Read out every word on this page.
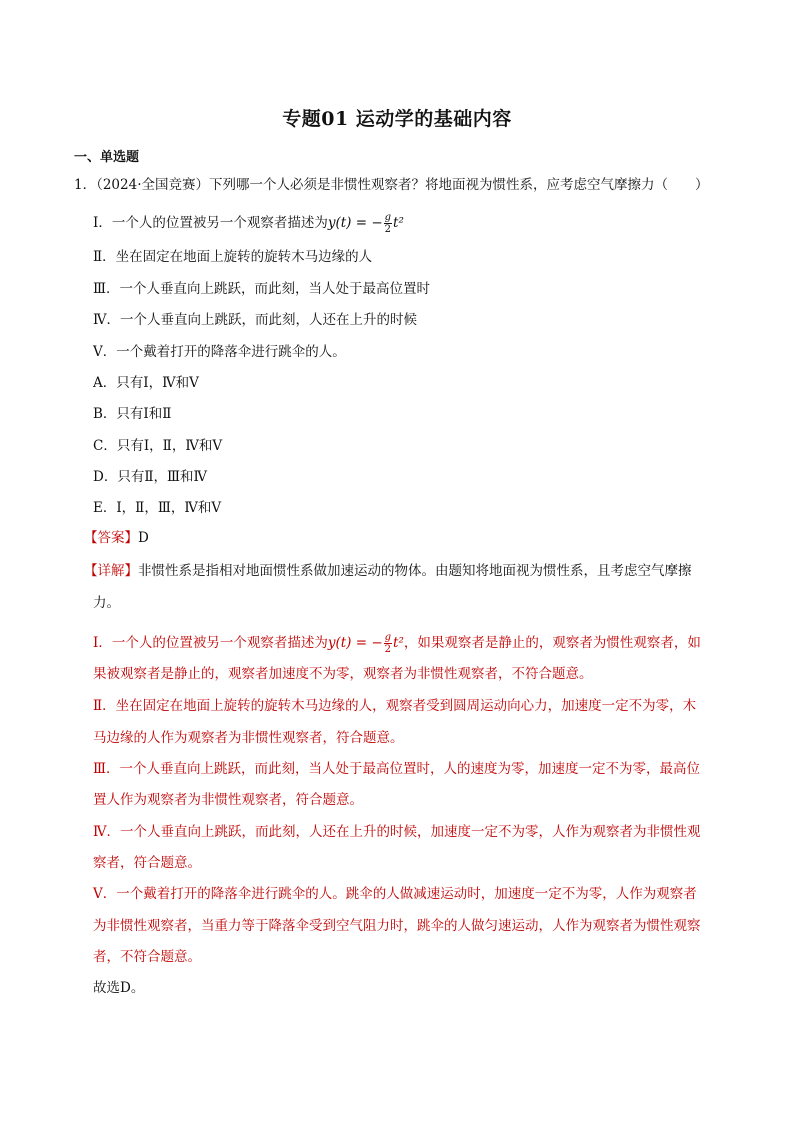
专题01 运动学的基础内容
一、单选题
1．（2024·全国竞赛）下列哪一个人必须是非惯性观察者？将地面视为惯性系，应考虑空气摩擦力（　　）
Ⅰ．一个人的位置被另一个观察者描述为y(t) = − $\frac{g}{2} t^2$
Ⅱ．坐在固定在地面上旋转的旋转木马边缘的人
Ⅲ．一个人垂直向上跳跃，而此刻，当人处于最高位置时
Ⅳ．一个人垂直向上跳跃，而此刻，人还在上升的时候
Ⅴ．一个戴着打开的降落伞进行跳伞的人。
A．只有Ⅰ，Ⅳ和Ⅴ
B．只有Ⅰ和Ⅱ
C．只有Ⅰ，Ⅱ，Ⅳ和Ⅴ
D．只有Ⅱ，Ⅲ和Ⅳ
E．Ⅰ，Ⅱ，Ⅲ，Ⅳ和Ⅴ
【答案】D
【详解】非惯性系是指相对地面惯性系做加速运动的物体。由题知将地面视为惯性系，且考虑空气摩擦
力。
Ⅰ．一个人的位置被另一个观察者描述为y(t) = − $\frac{g}{2} t^2$，如果观察者是静止的，观察者为惯性观察者，如
果被观察者是静止的，观察者加速度不为零，观察者为非惯性观察者，不符合题意。
Ⅱ．坐在固定在地面上旋转的旋转木马边缘的人，观察者受到圆周运动向心力，加速度一定不为零，木
马边缘的人作为观察者为非惯性观察者，符合题意。
Ⅲ．一个人垂直向上跳跃，而此刻，当人处于最高位置时，人的速度为零，加速度一定不为零，最高位
置人作为观察者为非惯性观察者，符合题意。
Ⅳ．一个人垂直向上跳跃，而此刻，人还在上升的时候，加速度一定不为零，人作为观察者为非惯性观
察者，符合题意。
Ⅴ．一个戴着打开的降落伞进行跳伞的人。跳伞的人做减速运动时，加速度一定不为零，人作为观察者
为非惯性观察者，当重力等于降落伞受到空气阻力时，跳伞的人做匀速运动，人作为观察者为惯性观察
者，不符合题意。
故选D。
